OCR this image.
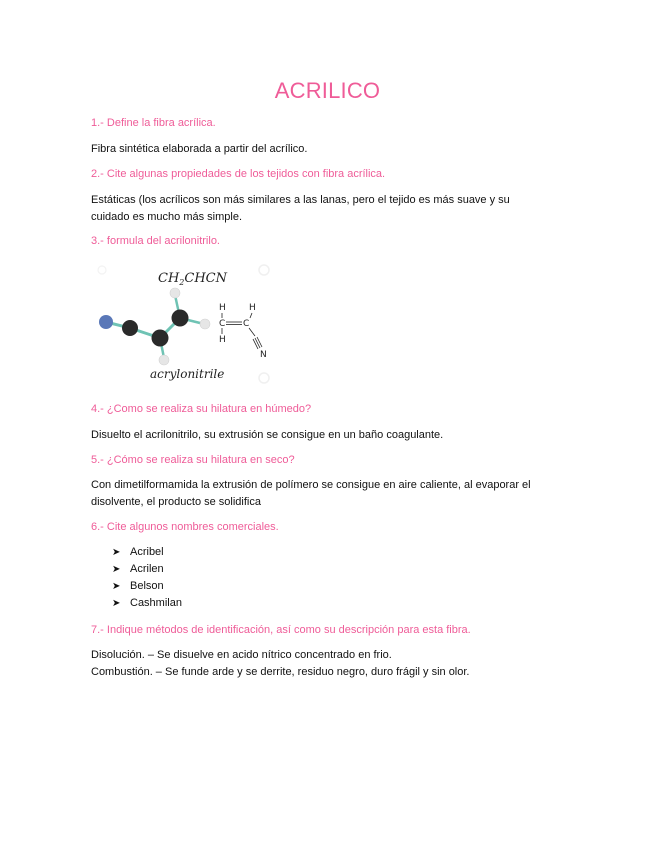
ACRILICO
1.- Define la fibra acrílica.
Fibra sintética elaborada a partir del acrílico.
2.- Cite algunas propiedades de los tejidos con fibra acrílica.
Estáticas (los acrílicos son más similares a las lanas, pero el tejido es más suave y su
cuidado es mucho más simple.
3.- formula del acrilonitrilo.
$CH_2CHCN$
H	H
C C
H
N
acrylonitrile
4.- ¿Como se realiza su hilatura en húmedo?
Disuelto el acrilonitrilo, su extrusión se consigue en un baño coagulante.
5.- ¿Cómo se realiza su hilatura en seco?
Con dimetilformamida la extrusión de polímero se consigue en aire caliente, al evaporar el
disolvente, el producto se solidifica
6.- Cite algunos nombres comerciales.
➤ Acribel
➤ Acrilen
➤ Belson
➤ Cashmilan
7.- Indique métodos de identificación, así como su descripción para esta fibra.
Disolución. – Se disuelve en acido nítrico concentrado en frio.
Combustión. – Se funde arde y se derrite, residuo negro, duro frágil y sin olor.
